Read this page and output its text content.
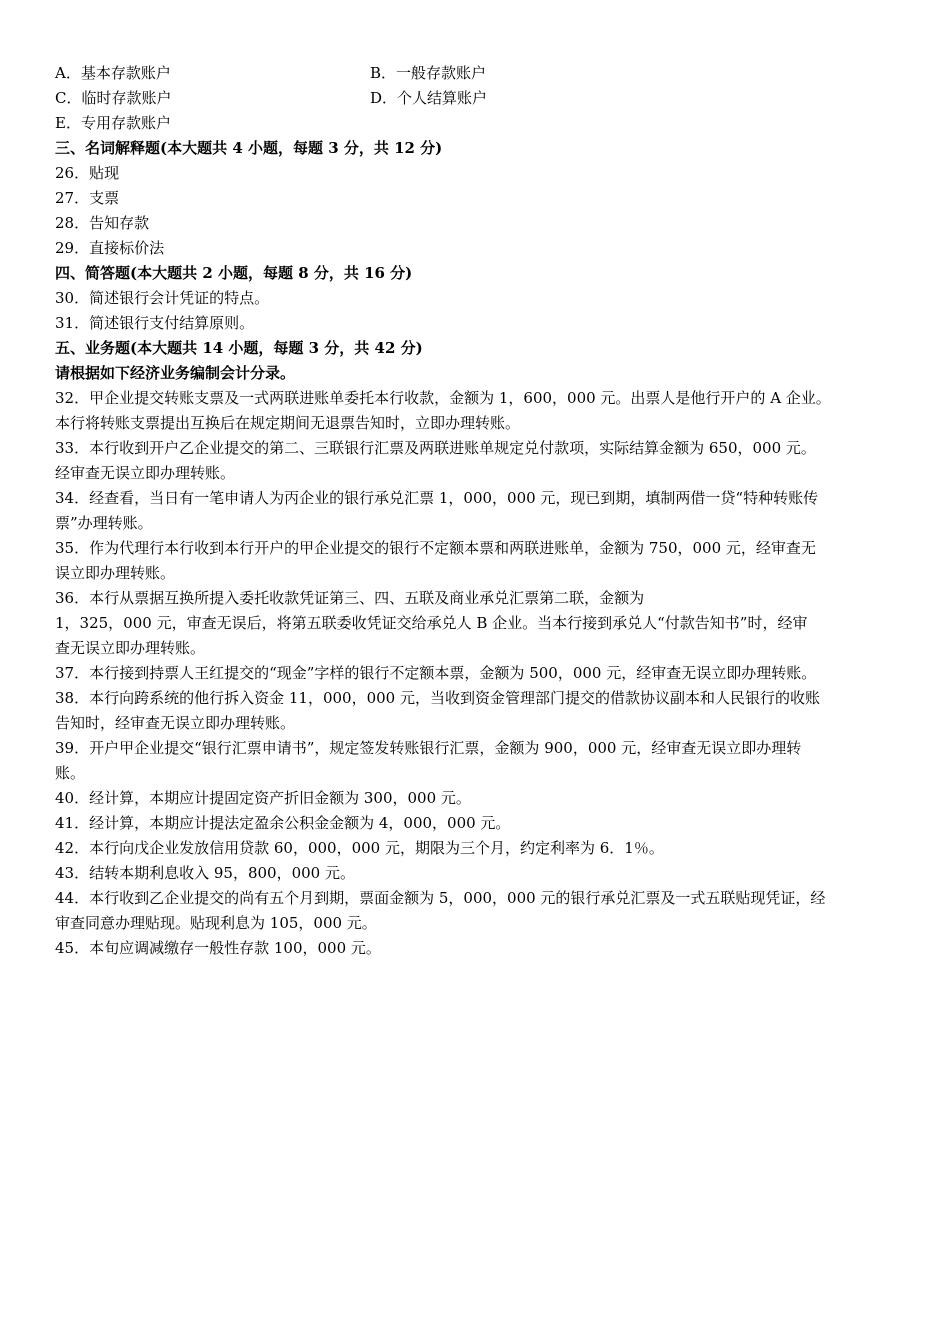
A．基本存款账户	B．一般存款账户
C．临时存款账户	D．个人结算账户
E．专用存款账户
三、名词解释题(本大题共 4 小题，每题 3 分，共 12 分)
26．贴现
27．支票
28．告知存款
29．直接标价法
四、简答题(本大题共 2 小题，每题 8 分，共 16 分)
30．简述银行会计凭证的特点。
31．简述银行支付结算原则。
五、业务题(本大题共 14 小题，每题 3 分，共 42 分)
请根据如下经济业务编制会计分录。
32．甲企业提交转账支票及一式两联进账单委托本行收款，金额为 1，600，000 元。出票人是他行开户的 A 企业。
本行将转账支票提出互换后在规定期间无退票告知时，立即办理转账。
33．本行收到开户乙企业提交的第二、三联银行汇票及两联进账单规定兑付款项，实际结算金额为 650，000 元。
经审查无误立即办理转账。
34．经查看，当日有一笔申请人为丙企业的银行承兑汇票 1，000，000 元，现已到期，填制两借一贷“特种转账传
票”办理转账。
35．作为代理行本行收到本行开户的甲企业提交的银行不定额本票和两联进账单，金额为 750，000 元，经审查无
误立即办理转账。
36．本行从票据互换所提入委托收款凭证第三、四、五联及商业承兑汇票第二联，金额为
1，325，000 元，审查无误后，将第五联委收凭证交给承兑人 B 企业。当本行接到承兑人“付款告知书”时，经审
查无误立即办理转账。
37．本行接到持票人王红提交的“现金”字样的银行不定额本票，金额为 500，000 元，经审查无误立即办理转账。
38．本行向跨系统的他行拆入资金 11，000，000 元，当收到资金管理部门提交的借款协议副本和人民银行的收账
告知时，经审查无误立即办理转账。
39．开户甲企业提交“银行汇票申请书”，规定签发转账银行汇票，金额为 900，000 元，经审查无误立即办理转
账。
40．经计算，本期应计提固定资产折旧金额为 300，000 元。
41．经计算，本期应计提法定盈余公积金金额为 4，000，000 元。
42．本行向戊企业发放信用贷款 60，000，000 元，期限为三个月，约定利率为 6．1％。
43．结转本期利息收入 95，800，000 元。
44．本行收到乙企业提交的尚有五个月到期，票面金额为 5，000，000 元的银行承兑汇票及一式五联贴现凭证，经
审查同意办理贴现。贴现利息为 105，000 元。
45．本旬应调减缴存一般性存款 100，000 元。
